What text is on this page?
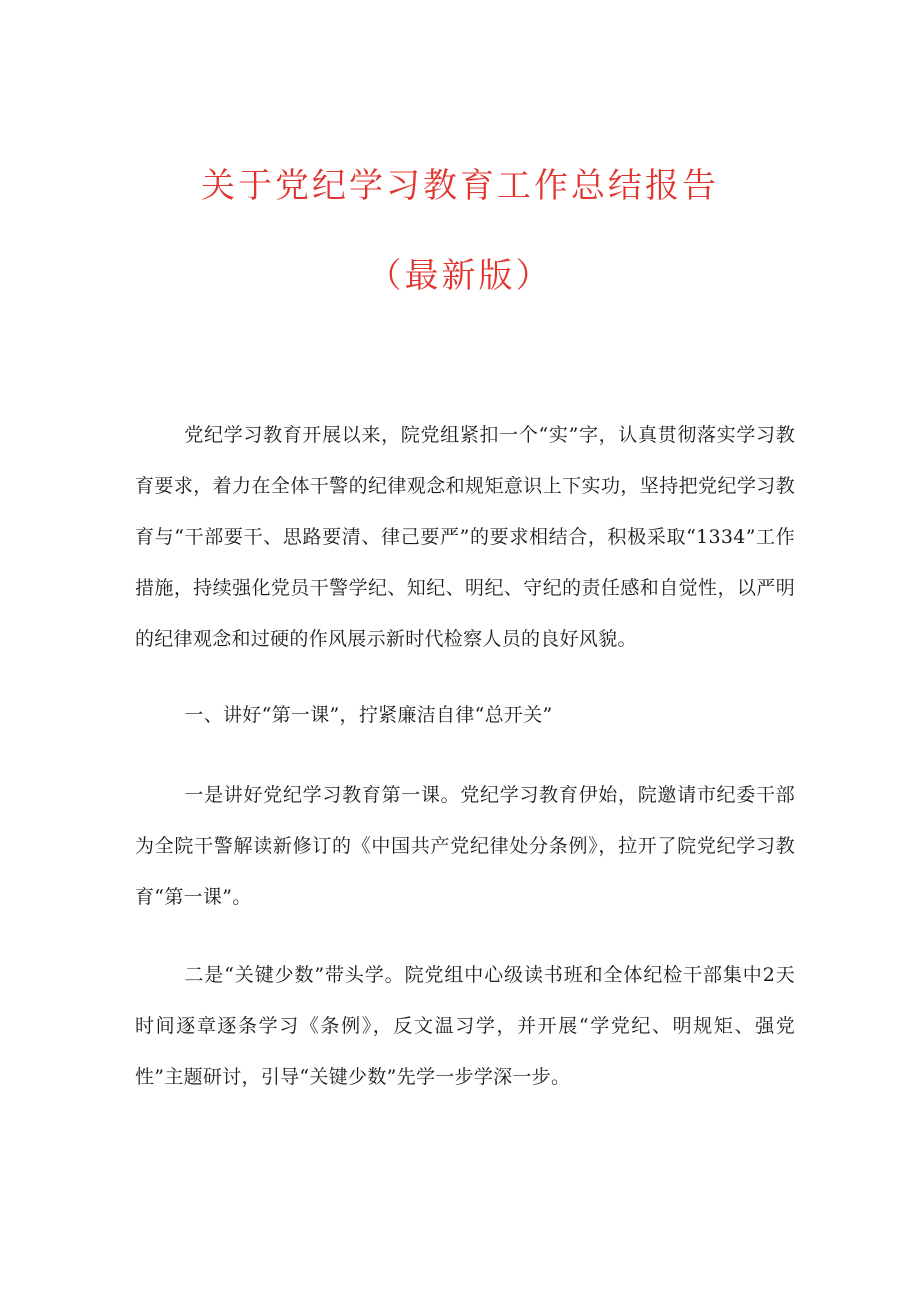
关于党纪学习教育工作总结报告
（最新版）

党纪学习教育开展以来，院党组紧扣一个“实”字，认真贯彻落实学习教育要求，着力在全体干警的纪律观念和规矩意识上下实功，坚持把党纪学习教育与“干部要干、思路要清、律己要严”的要求相结合，积极采取“1334”工作措施，持续强化党员干警学纪、知纪、明纪、守纪的责任感和自觉性，以严明的纪律观念和过硬的作风展示新时代检察人员的良好风貌。

一、讲好“第一课”，拧紧廉洁自律“总开关”

一是讲好党纪学习教育第一课。党纪学习教育伊始，院邀请市纪委干部为全院干警解读新修订的《中国共产党纪律处分条例》，拉开了院党纪学习教育“第一课”。

二是“关键少数”带头学。院党组中心级读书班和全体纪检干部集中2天时间逐章逐条学习《条例》，反文温习学，并开展“学党纪、明规矩、强党性”主题研讨，引导“关键少数”先学一步学深一步。
